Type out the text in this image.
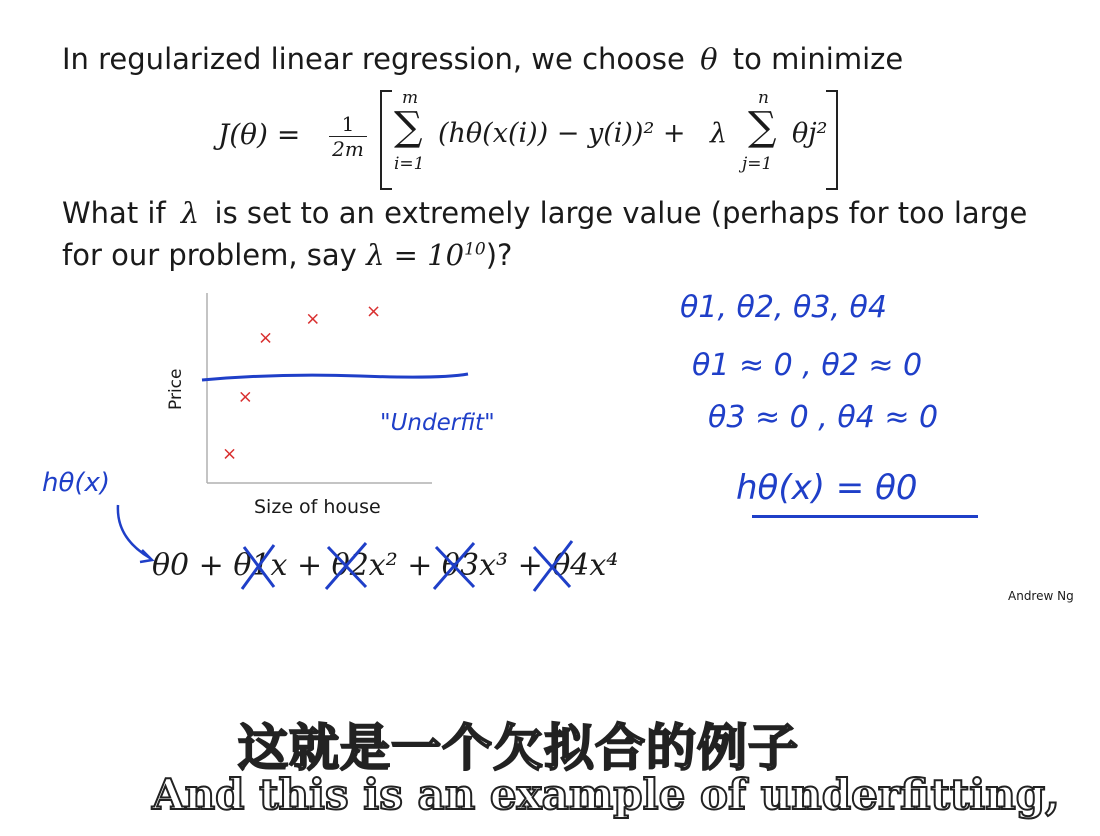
In regularized linear regression, we choose θ to minimize
$J(\theta) = \frac{1}{2m}$
m
∑
i=1
(hθ(x(i)) − y(i))² + λ
n
∑
j=1
θj²
What if λ is set to an extremely large value (perhaps for too large
for our problem, say $\lambda = 10^{10}$)?
×
×
×
×	×
Price
Size of house
"Underfit"
hθ(x)
θ0 + θ1x + θ2x² + θ3x³ + θ4x⁴
θ1, θ2, θ3, θ4
θ1 ≈ 0 , θ2 ≈ 0
θ3 ≈ 0 , θ4 ≈ 0
hθ(x) = θ0
Andrew Ng
这就是一个欠拟合的例子
And this is an example of underfitting,
